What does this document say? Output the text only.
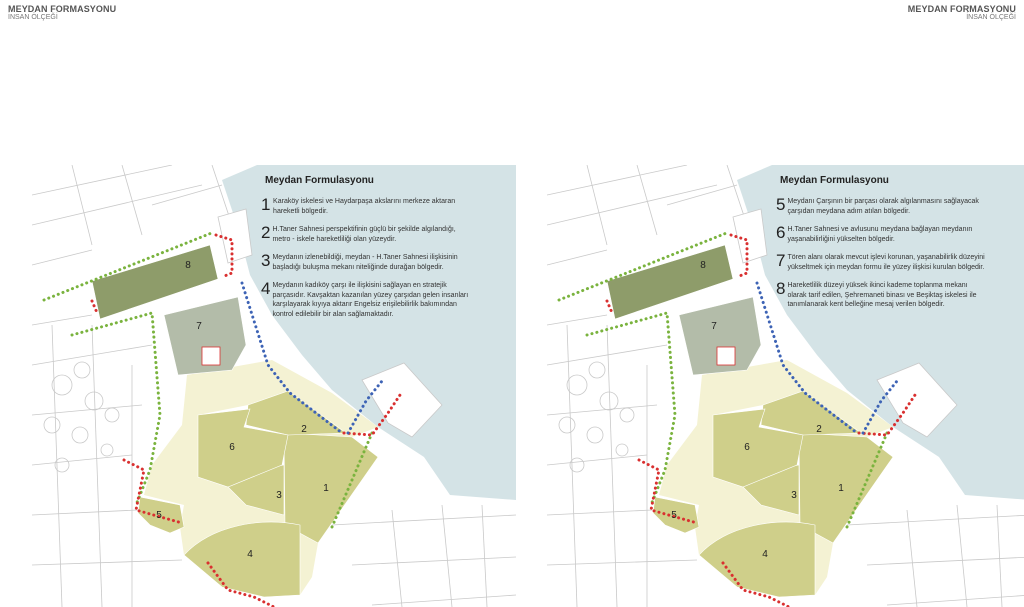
MEYDAN FORMASYONU
İNSAN ÖLÇEĞİ
MEYDAN FORMASYONU
İNSAN ÖLÇEĞİ
1
2
3
4
5
6
7
8
Meydan Formulasyonu
1 Karaköy iskelesi ve Haydarpaşa akslarını merkeze aktaran hareketli bölgedir.
2 H.Taner Sahnesi perspektifinin güçlü bir şekilde algılandığı, metro - iskele hareketliliği olan yüzeydir.
3 Meydanın izlenebildiği, meydan - H.Taner Sahnesi ilişkisinin başladığı buluşma mekanı niteliğinde durağan bölgedir.
4 Meydanın kadıköy çarşı ile ilişkisini sağlayan en stratejik parçasıdır. Kavşaktan kazanılan yüzey çarşıdan gelen insanları karşılayarak kıyıya aktarır Engelsiz erişilebilirlik bakımından kontrol edilebilir bir alan sağlamaktadır.
1
2
3
4
5
6
7
8
Meydan Formulasyonu
5 Meydanı Çarşının bir parçası olarak algılanmasını sağlayacak çarşıdan meydana adım atılan bölgedir.
6 H.Taner Sahnesi ve avlusunu meydana bağlayan meydanın yaşanabilirliğini yükselten bölgedir.
7 Tören alanı olarak mevcut işlevi korunan, yaşanabilirlik düzeyini yükseltmek için meydan formu ile yüzey ilişkisi kurulan bölgedir.
8 Hareketlilik düzeyi yüksek ikinci kademe toplanma mekanı olarak tarif edilen, Şehremaneti binası ve Beşiktaş iskelesi ile tanımlanarak kent belleğine mesaj verilen bölgedir.
